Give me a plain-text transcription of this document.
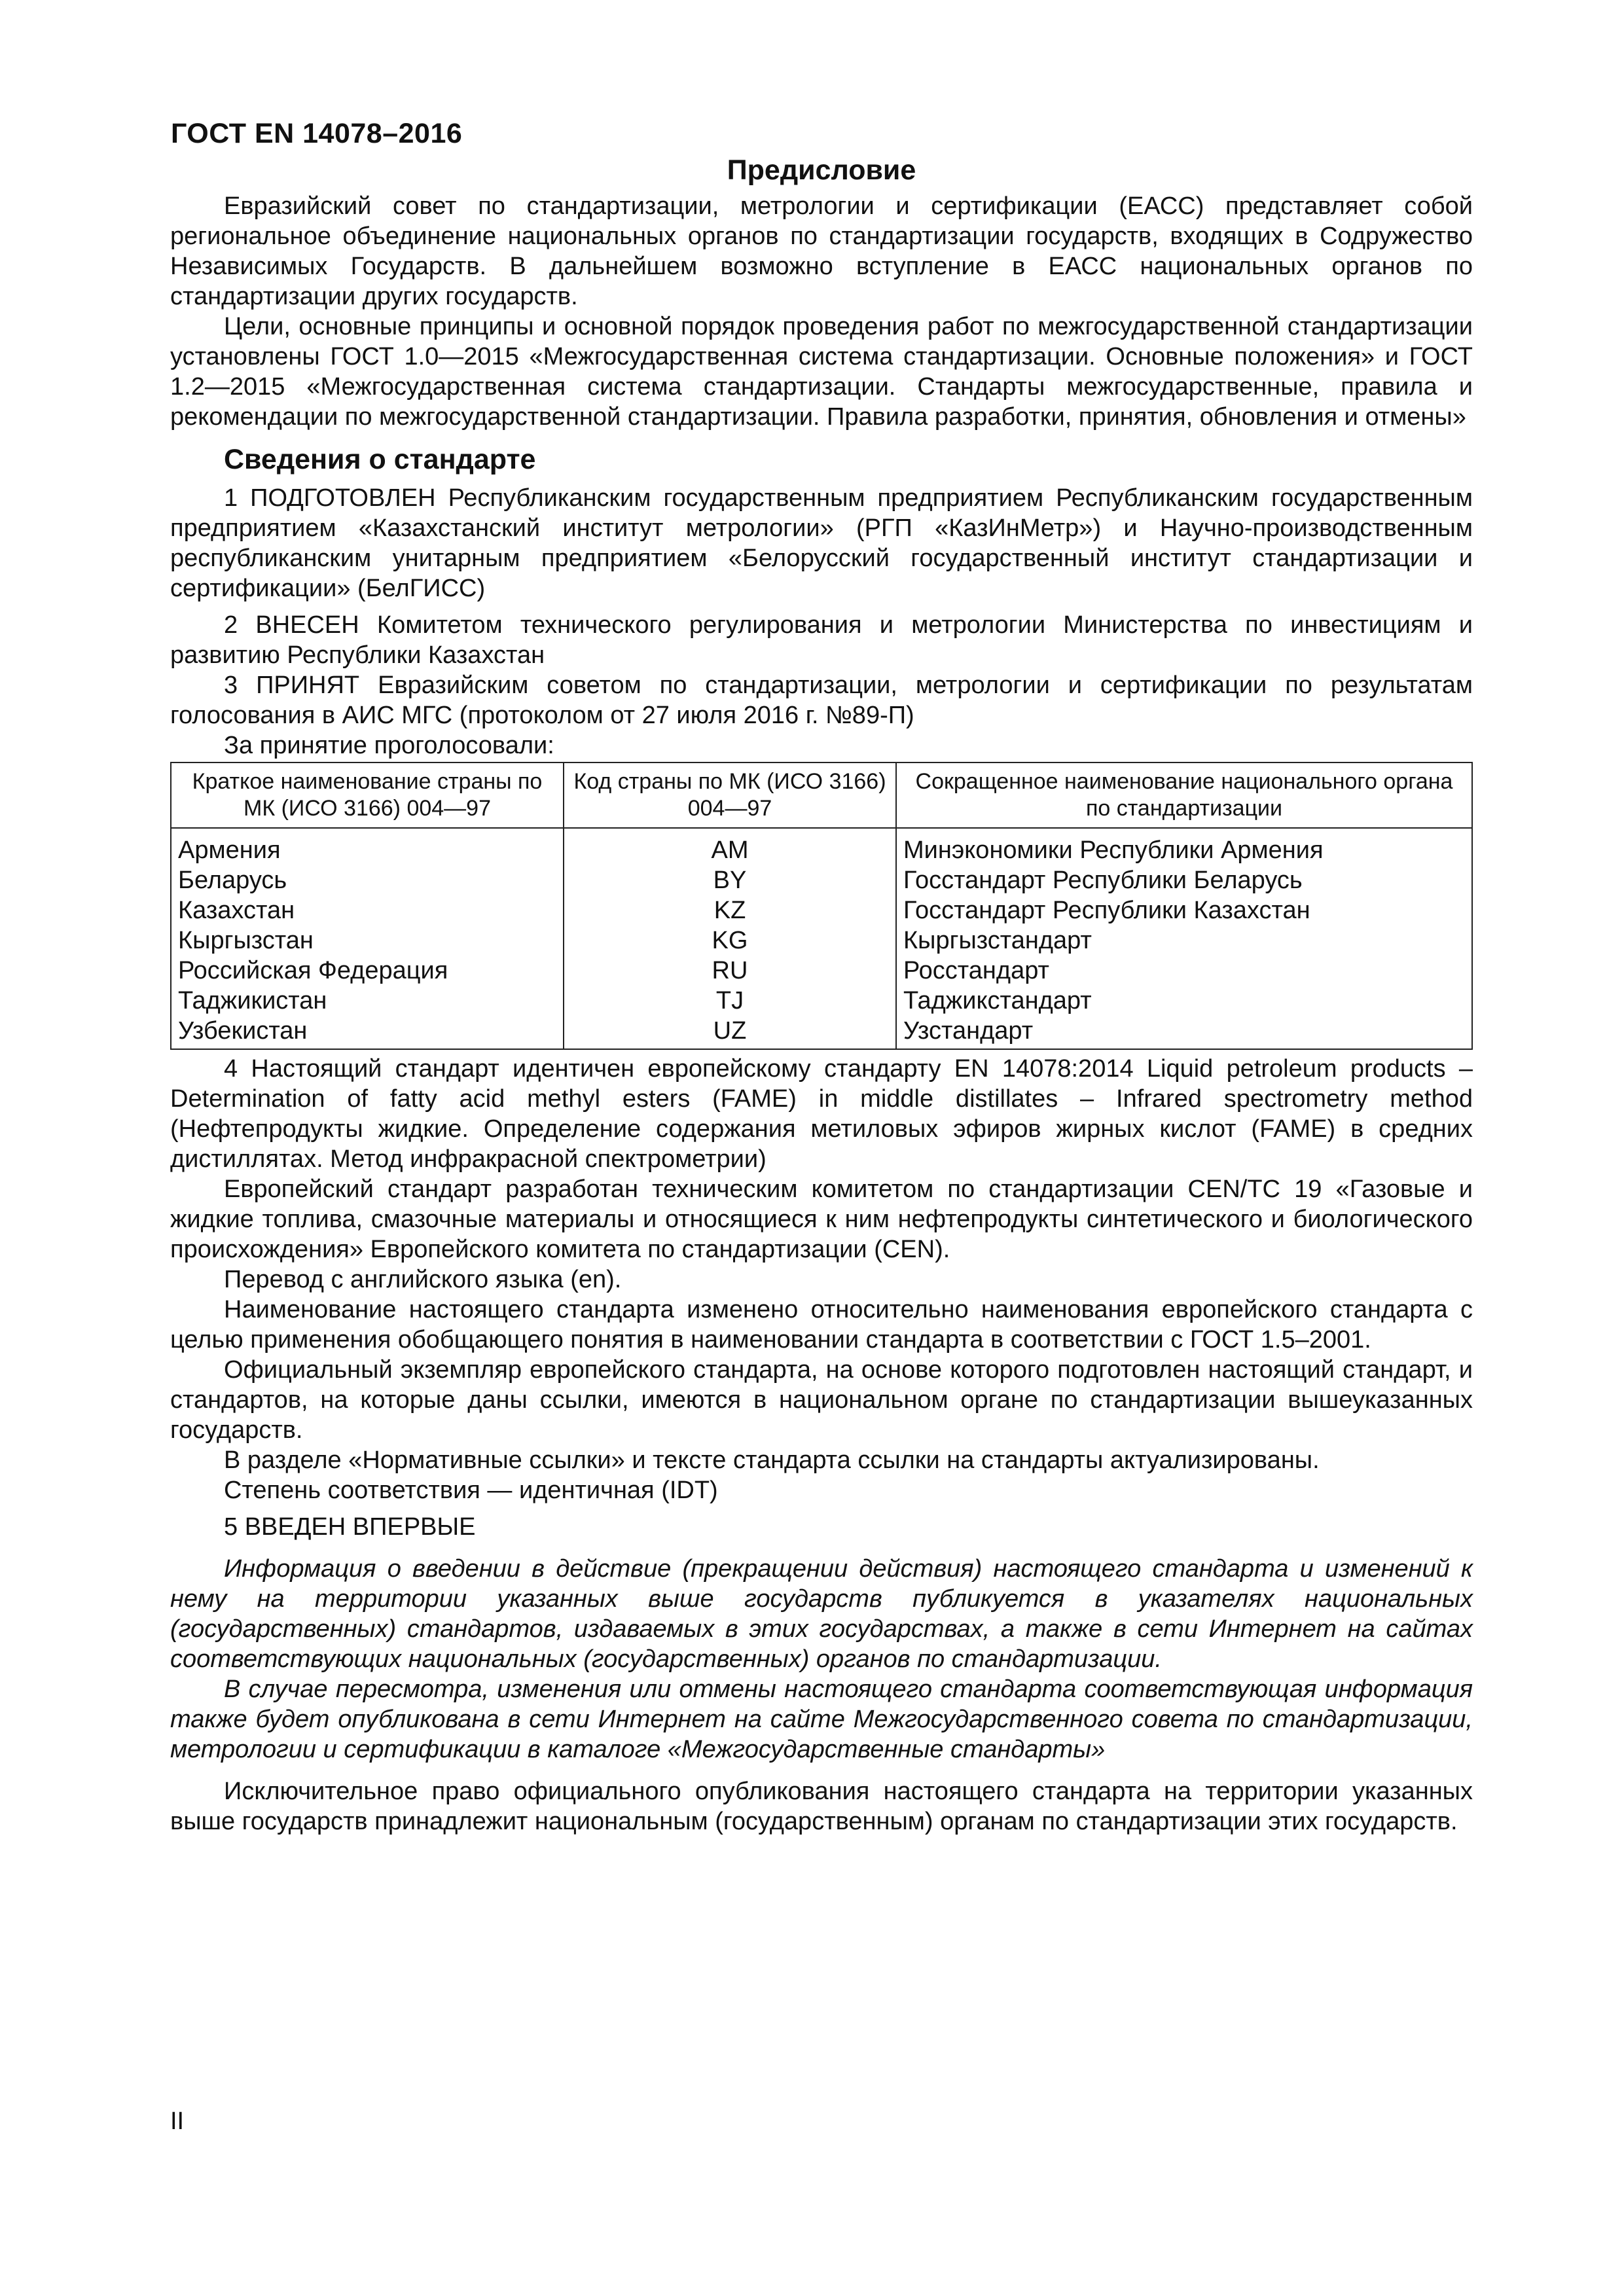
ГОСТ EN 14078–2016
Предисловие

Евразийский совет по стандартизации, метрологии и сертификации (ЕАСС) представляет собой региональное объединение национальных органов по стандартизации государств, входящих в Содружество Независимых Государств. В дальнейшем возможно вступление в ЕАСС национальных органов по стандартизации других государств.

Цели, основные принципы и основной порядок проведения работ по межгосударственной стандартизации установлены ГОСТ 1.0—2015 «Межгосударственная система стандартизации. Основные положения» и ГОСТ 1.2—2015 «Межгосударственная система стандартизации. Стандарты межгосударственные, правила и рекомендации по межгосударственной стандартизации. Правила разработки, принятия, обновления и отмены»

Сведения о стандарте

1 ПОДГОТОВЛЕН Республиканским государственным предприятием Республиканским государственным предприятием «Казахстанский институт метрологии» (РГП «КазИнМетр») и Научно-производственным республиканским унитарным предприятием «Белорусский государственный институт стандартизации и сертификации» (БелГИСС)

2 ВНЕСЕН Комитетом технического регулирования и метрологии Министерства по инвестициям и развитию Республики Казахстан

3 ПРИНЯТ Евразийским советом по стандартизации, метрологии и сертификации по результатам голосования в АИС МГС (протоколом от 27 июля 2016 г. №89-П)

За принятие проголосовали:

Краткое наименование страны по МК (ИСО 3166) 004—97	Код страны по МК (ИСО 3166) 004—97	Сокращенное наименование национального органа по стандартизации
Армения	AM	Минэкономики Республики Армения
Беларусь	BY	Госстандарт Республики Беларусь
Казахстан	KZ	Госстандарт Республики Казахстан
Кыргызстан	KG	Кыргызстандарт
Российская Федерация	RU	Росстандарт
Таджикистан	TJ	Таджикстандарт
Узбекистан	UZ	Узстандарт

4 Настоящий стандарт идентичен европейскому стандарту EN 14078:2014 Liquid petroleum products – Determination of fatty acid methyl esters (FAME) in middle distillates – Infrared spectrometry method (Нефтепродукты жидкие. Определение содержания метиловых эфиров жирных кислот (FAME) в средних дистиллятах. Метод инфракрасной спектрометрии)

Европейский стандарт разработан техническим комитетом по стандартизации CEN/TC 19 «Газовые и жидкие топлива, смазочные материалы и относящиеся к ним нефтепродукты синтетического и биологического происхождения» Европейского комитета по стандартизации (CEN).

Перевод с английского языка (en).

Наименование настоящего стандарта изменено относительно наименования европейского стандарта с целью применения обобщающего понятия в наименовании стандарта в соответствии с ГОСТ 1.5–2001.

Официальный экземпляр европейского стандарта, на основе которого подготовлен настоящий стандарт, и стандартов, на которые даны ссылки, имеются в национальном органе по стандартизации вышеуказанных государств.

В разделе «Нормативные ссылки» и тексте стандарта ссылки на стандарты актуализированы.

Степень соответствия — идентичная (IDT)

5 ВВЕДЕН ВПЕРВЫЕ

Информация о введении в действие (прекращении действия) настоящего стандарта и изменений к нему на территории указанных выше государств публикуется в указателях национальных (государственных) стандартов, издаваемых в этих государствах, а также в сети Интернет на сайтах соответствующих национальных (государственных) органов по стандартизации.

В случае пересмотра, изменения или отмены настоящего стандарта соответствующая информация также будет опубликована в сети Интернет на сайте Межгосударственного совета по стандартизации, метрологии и сертификации в каталоге «Межгосударственные стандарты»

Исключительное право официального опубликования настоящего стандарта на территории указанных выше государств принадлежит национальным (государственным) органам по стандартизации этих государств.

II
